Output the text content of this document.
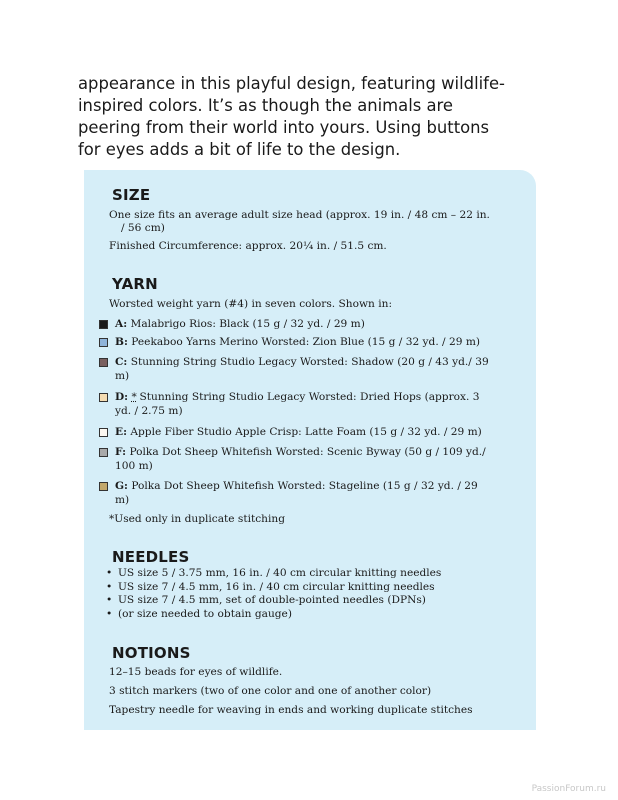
appearance in this playful design, featuring wildlife-
inspired colors. It’s as though the animals are
peering from their world into yours. Using buttons
for eyes adds a bit of life to the design.
SIZE

One size fits an average adult size head (approx. 19 in. / 48 cm – 22 in.

/ 56 cm)

Finished Circumference: approx. 20¼ in. / 51.5 cm.

YARN

Worsted weight yarn (#4) in seven colors. Shown in:

A: Malabrigo Rios: Black (15 g / 32 yd. / 29 m)

B: Peekaboo Yarns Merino Worsted: Zion Blue (15 g / 32 yd. / 29 m)

C: Stunning String Studio Legacy Worsted: Shadow (20 g / 43 yd./ 39
m)

D: * Stunning String Studio Legacy Worsted: Dried Hops (approx. 3
yd. / 2.75 m)

E: Apple Fiber Studio Apple Crisp: Latte Foam (15 g / 32 yd. / 29 m)

F: Polka Dot Sheep Whitefish Worsted: Scenic Byway (50 g / 109 yd./
100 m)

G: Polka Dot Sheep Whitefish Worsted: Stageline (15 g / 32 yd. / 29
m)

*Used only in duplicate stitching

NEEDLES
• US size 5 / 3.75 mm, 16 in. / 40 cm circular knitting needles
• US size 7 / 4.5 mm, 16 in. / 40 cm circular knitting needles
• US size 7 / 4.5 mm, set of double-pointed needles (DPNs)
• (or size needed to obtain gauge)
NOTIONS

12–15 beads for eyes of wildlife.

3 stitch markers (two of one color and one of another color)

Tapestry needle for weaving in ends and working duplicate stitches

PassionForum.ru
